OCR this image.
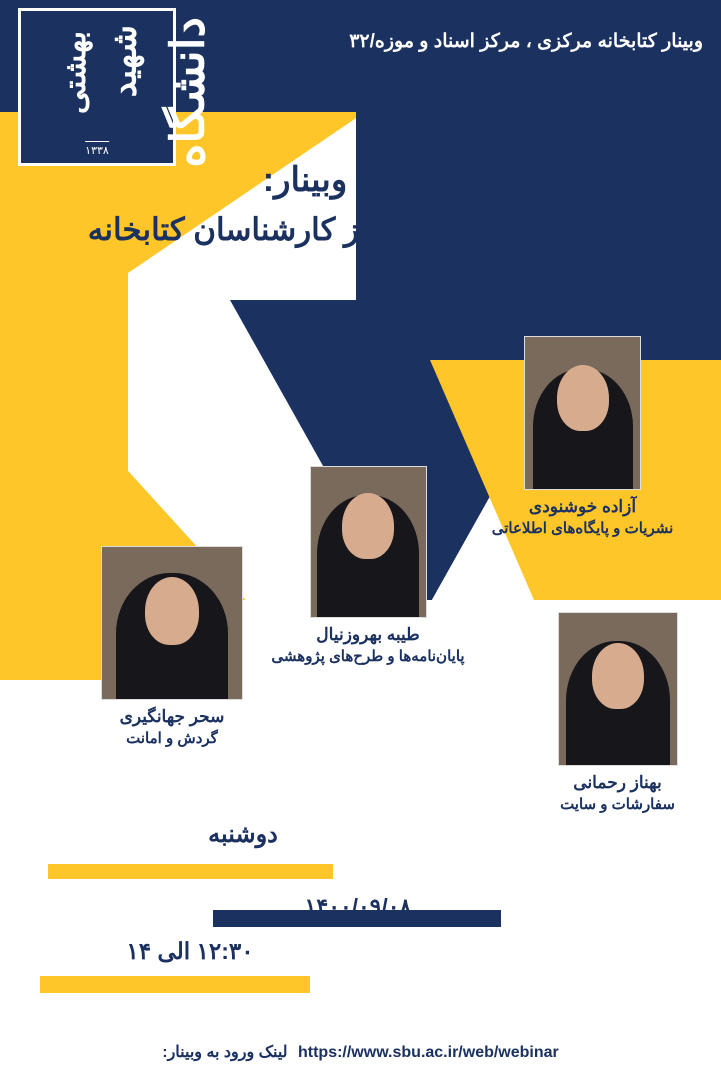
وبینار کتابخانه مرکزی ، مرکز اسناد و موزه/۳۲
دانشگاه
شهید
بهشتی
۱۳۳۸
عنوان وبینار:
پرسش از شما، پاسخ از کارشناسان کتابخانه
آزاده خوشنودی
نشریات و پایگاه‌های اطلاعاتی
طیبه بهروزنیال
پایان‌نامه‌ها و طرح‌های پژوهشی
سحر جهانگیری
گردش و امانت
بهناز رحمانی
سفارشات و سایت
دوشنبه
۱۴۰۰/۰۹/۰۸
۱۲:۳۰ الی ۱۴
https://www.sbu.ac.ir/web/webinar لینک ورود به وبینار:
